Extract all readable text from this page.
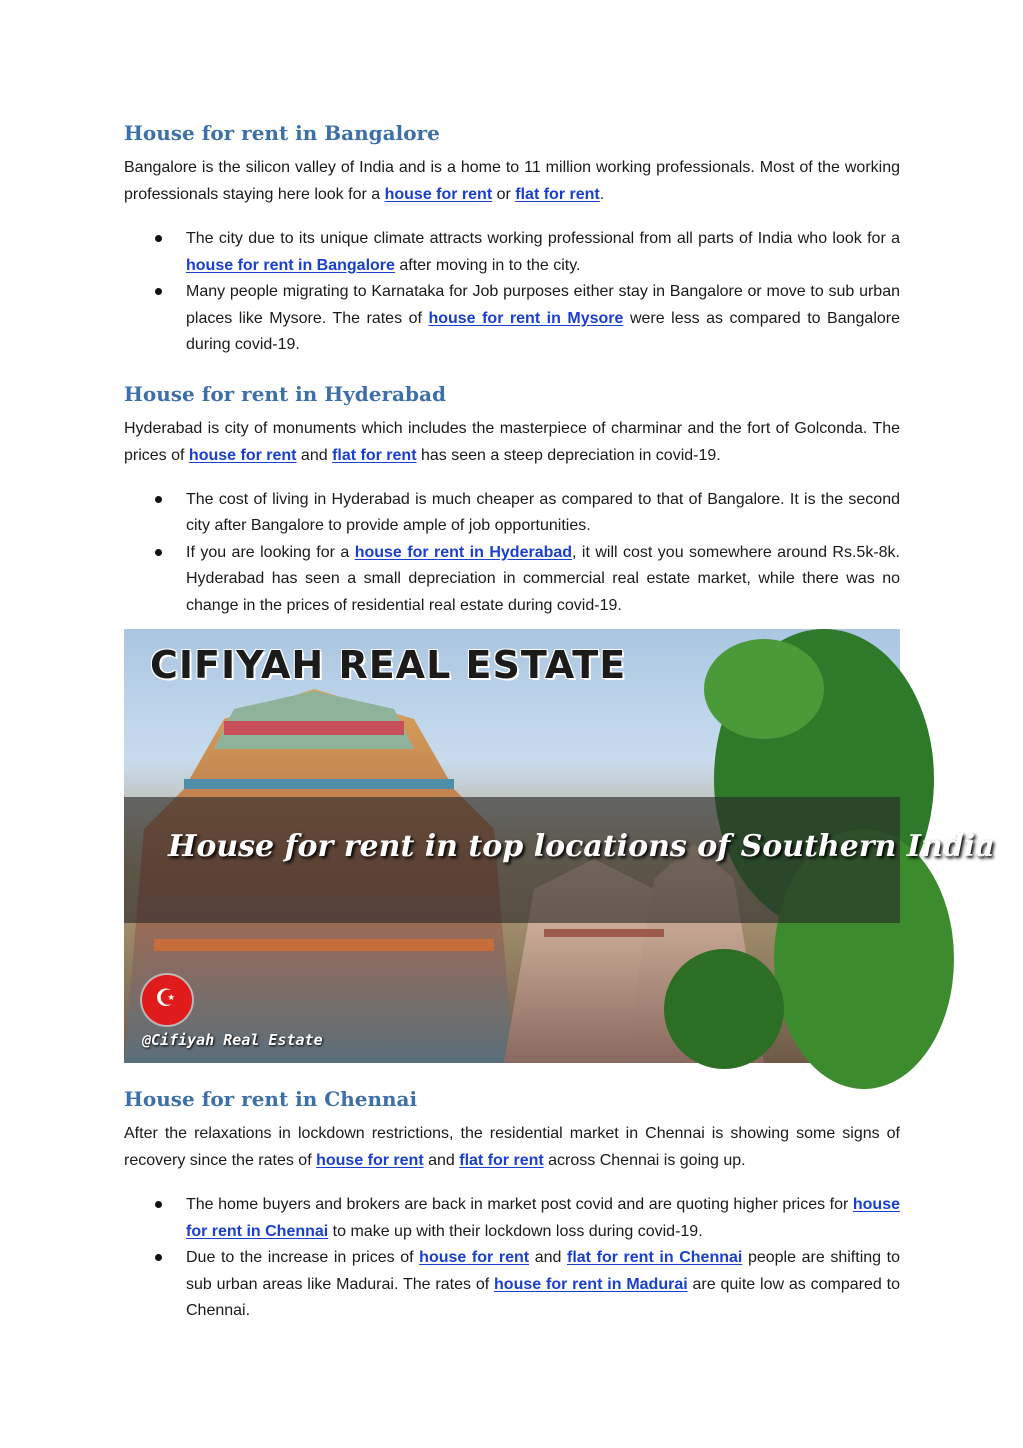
House for rent in Bangalore

Bangalore is the silicon valley of India and is a home to 11 million working professionals. Most of the working professionals staying here look for a house for rent or flat for rent.

The city due to its unique climate attracts working professional from all parts of India who look for a house for rent in Bangalore after moving in to the city.
Many people migrating to Karnataka for Job purposes either stay in Bangalore or move to sub urban places like Mysore. The rates of house for rent in Mysore were less as compared to Bangalore during covid-19.
House for rent in Hyderabad

Hyderabad is city of monuments which includes the masterpiece of charminar and the fort of Golconda. The prices of house for rent and flat for rent has seen a steep depreciation in covid-19.

The cost of living in Hyderabad is much cheaper as compared to that of Bangalore. It is the second city after Bangalore to provide ample of job opportunities.
If you are looking for a house for rent in Hyderabad, it will cost you somewhere around Rs.5k-8k. Hyderabad has seen a small depreciation in commercial real estate market, while there was no change in the prices of residential real estate during covid-19.
House for rent in Chennai

After the relaxations in lockdown restrictions, the residential market in Chennai is showing some signs of recovery since the rates of house for rent and flat for rent across Chennai is going up.

The home buyers and brokers are back in market post covid and are quoting higher prices for house for rent in Chennai to make up with their lockdown loss during covid-19.
Due to the increase in prices of house for rent and flat for rent in Chennai people are shifting to sub urban areas like Madurai. The rates of house for rent in Madurai are quite low as compared to Chennai.
CIFIYAH REAL ESTATE
House for rent in top locations of Southern India
☪
@Cifiyah Real Estate
